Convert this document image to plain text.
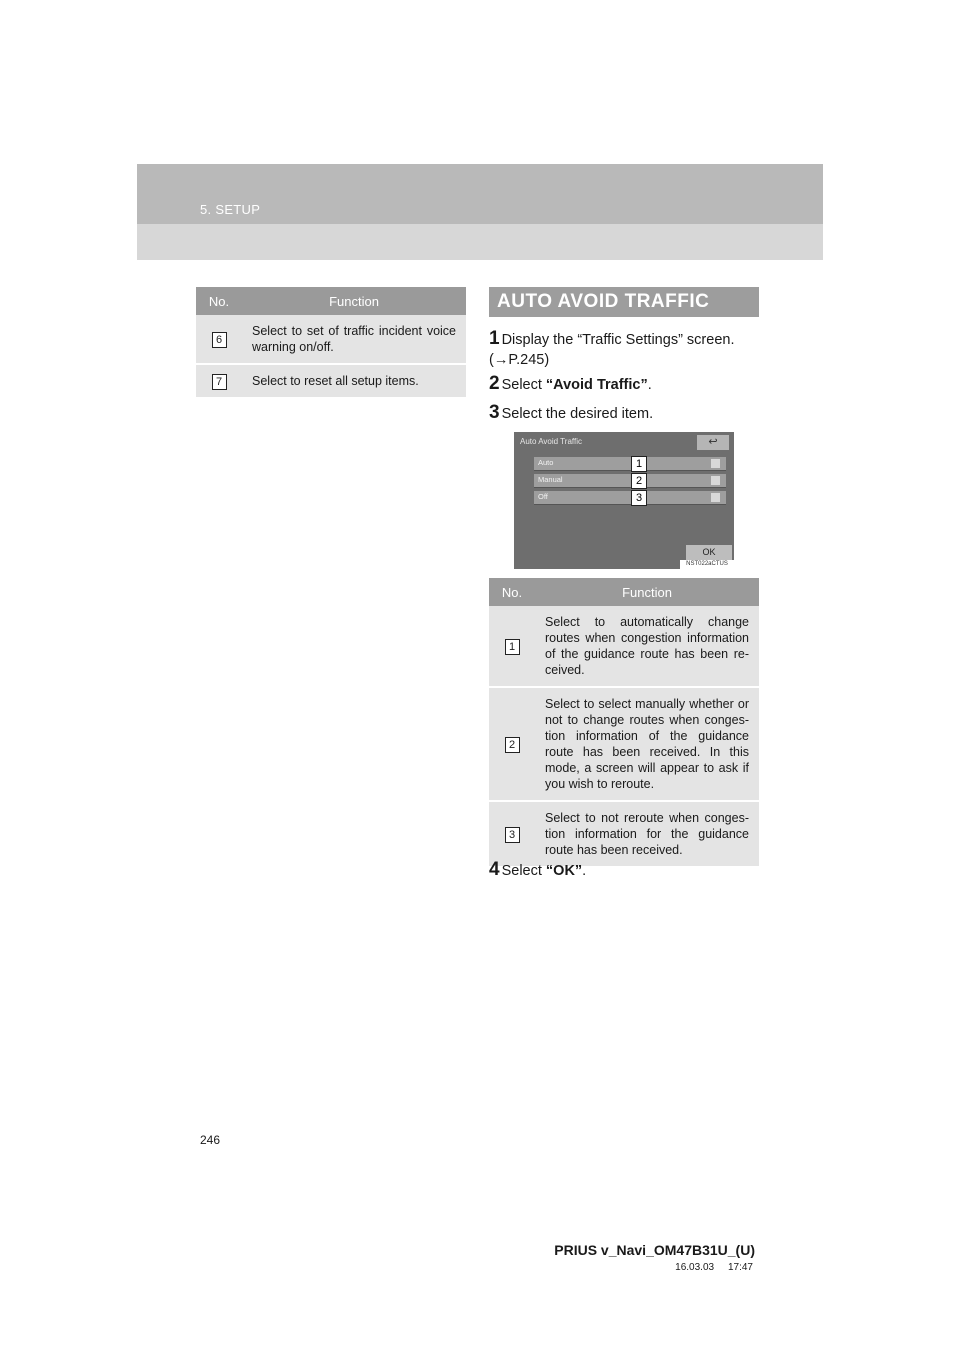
5. SETUP
No.	Function
6	Select to set of traffic incident voice warning on/off.
7	Select to reset all setup items.
AUTO AVOID TRAFFIC
1 Display the “Traffic Settings” screen. (→P.245)
2 Select “Avoid Traffic”.
3 Select the desired item.
Auto Avoid Traffic	↩
Auto
Manual
Off
1
2
3
OK
NST022aCTUS
No.	Function
1	Select to automatically change routes when congestion information of the guidance route has been re-ceived.
2	Select to select manually whether or not to change routes when conges-tion information of the guidance route has been received. In this mode, a screen will appear to ask if you wish to reroute.
3	Select to not reroute when conges-tion information for the guidance route has been received.
4 Select “OK”.
246
PRIUS v_Navi_OM47B31U_(U)
16.03.03     17:47
